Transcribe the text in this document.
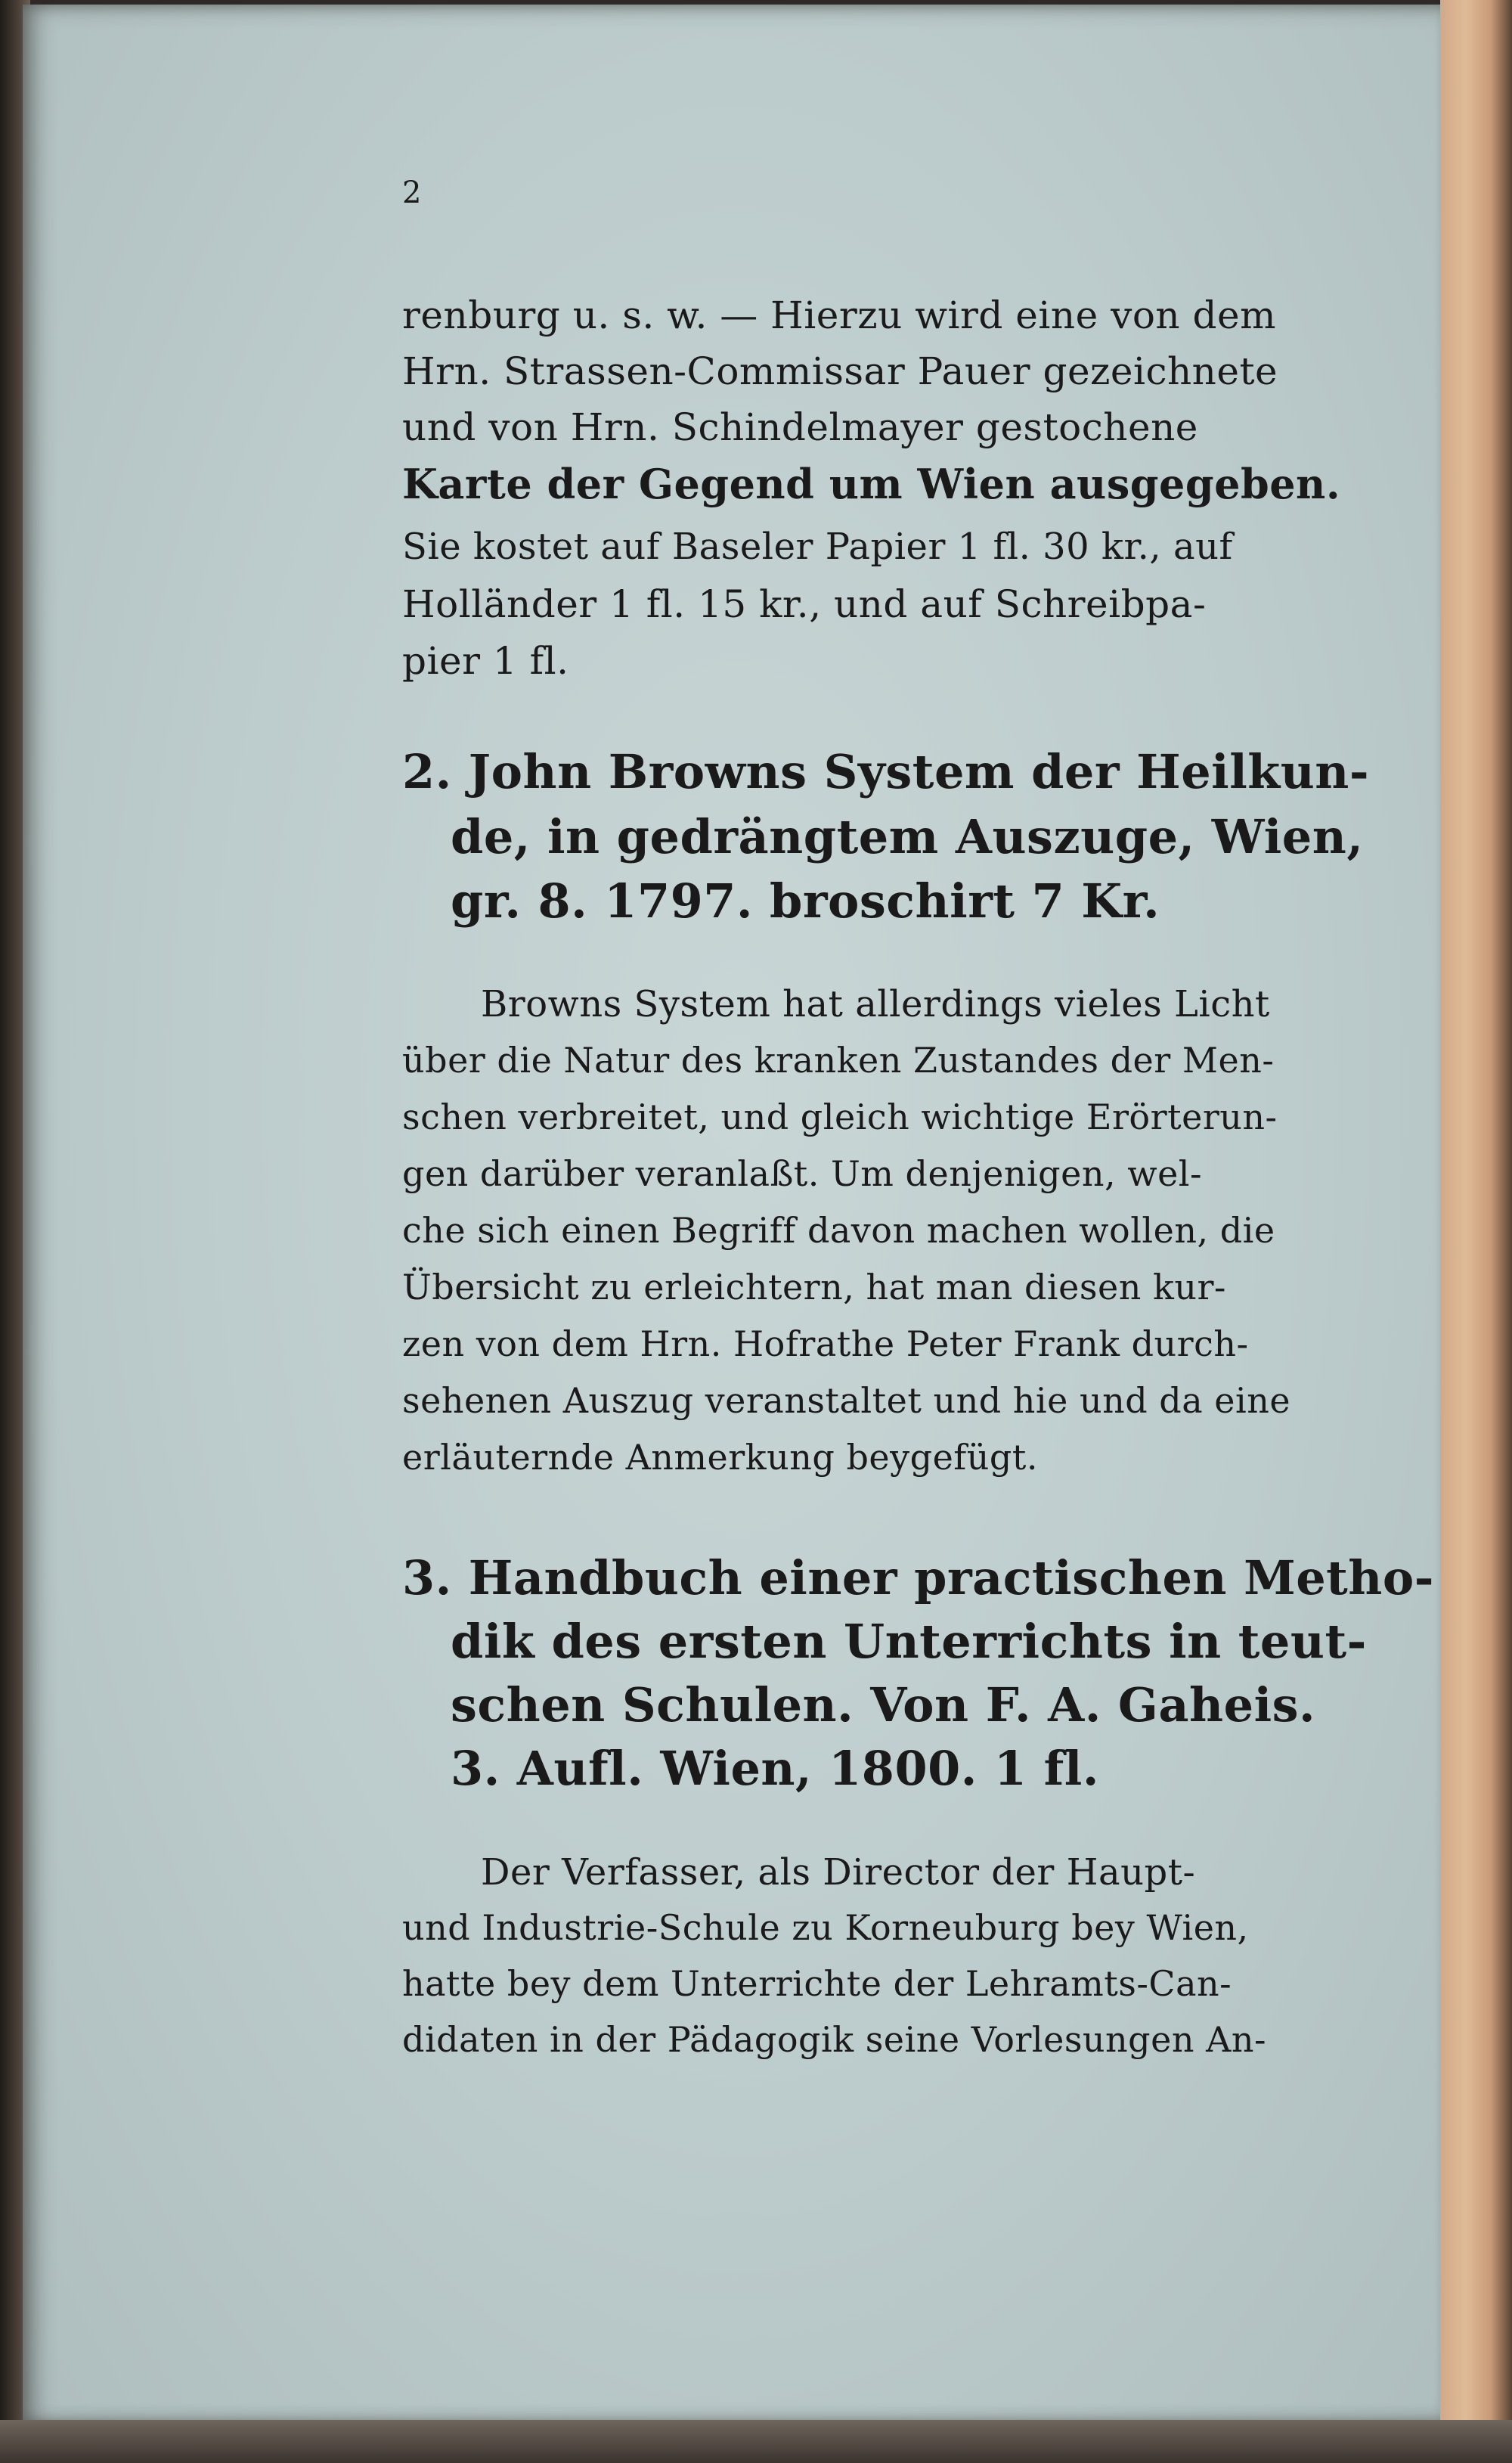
2
renburg u. s. w. — Hierzu wird eine von dem
Hrn. Strassen-Commissar Pauer gezeichnete
und von Hrn. Schindelmayer gestochene
Karte der Gegend um Wien ausgegeben.
Sie kostet auf Baseler Papier 1 fl. 30 kr., auf
Holländer 1 fl. 15 kr., und auf Schreibpa-
pier 1 fl.
2. John Browns System der Heilkun-
de, in gedrängtem Auszuge, Wien,
gr. 8. 1797. broschirt 7 Kr.
Browns System hat allerdings vieles Licht
über die Natur des kranken Zustandes der Men-
schen verbreitet, und gleich wichtige Erörterun-
gen darüber veranlaßt. Um denjenigen, wel-
che sich einen Begriff davon machen wollen, die
Übersicht zu erleichtern, hat man diesen kur-
zen von dem Hrn. Hofrathe Peter Frank durch-
sehenen Auszug veranstaltet und hie und da eine
erläuternde Anmerkung beygefügt.
3. Handbuch einer practischen Metho-
dik des ersten Unterrichts in teut-
schen Schulen. Von F. A. Gaheis.
3. Aufl. Wien, 1800. 1 fl.
Der Verfasser, als Director der Haupt-
und Industrie-Schule zu Korneuburg bey Wien,
hatte bey dem Unterrichte der Lehramts-Can-
didaten in der Pädagogik seine Vorlesungen An-
